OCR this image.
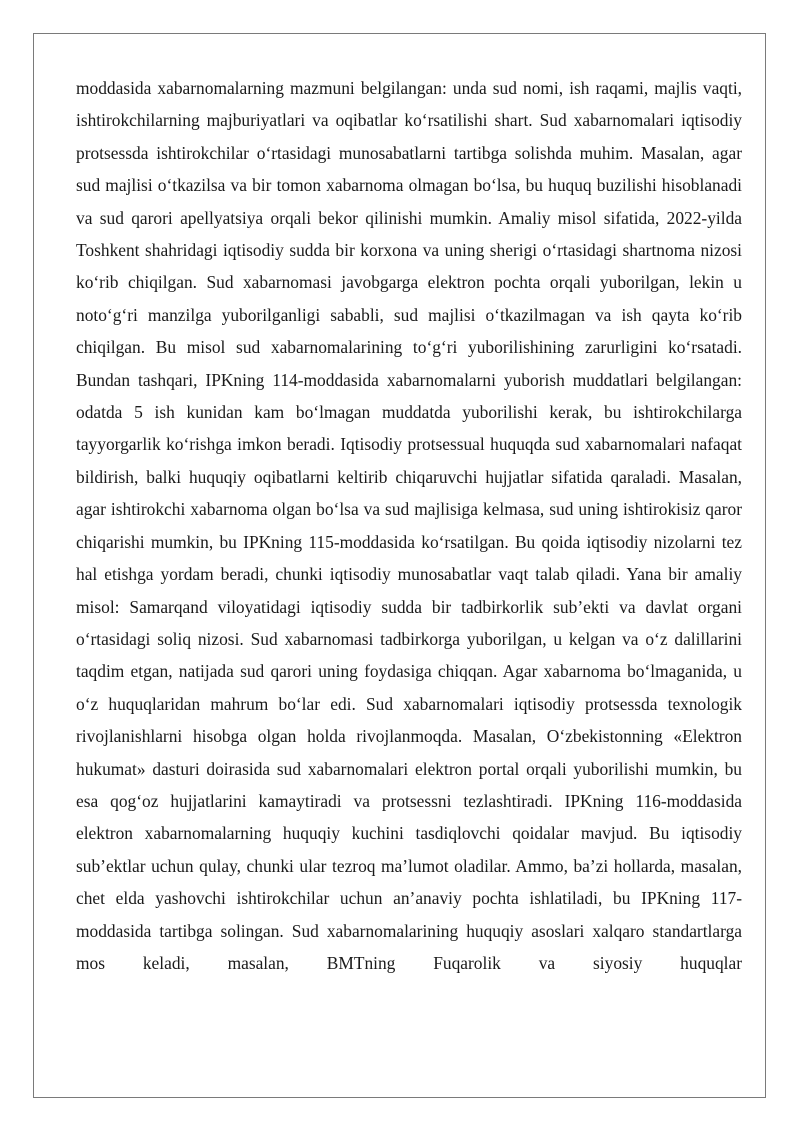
moddasida xabarnomalarning mazmuni belgilangan: unda sud nomi, ish raqami, majlis vaqti, ishtirokchilarning majburiyatlari va oqibatlar ko‘rsatilishi shart. Sud xabarnomalari iqtisodiy protsessda ishtirokchilar o‘rtasidagi munosabatlarni tartibga solishda muhim. Masalan, agar sud majlisi o‘tkazilsa va bir tomon xabarnoma olmagan bo‘lsa, bu huquq buzilishi hisoblanadi va sud qarori apellyatsiya orqali bekor qilinishi mumkin. Amaliy misol sifatida, 2022-yilda Toshkent shahridagi iqtisodiy sudda bir korxona va uning sherigi o‘rtasidagi shartnoma nizosi ko‘rib chiqilgan. Sud xabarnomasi javobgarga elektron pochta orqali yuborilgan, lekin u noto‘g‘ri manzilga yuborilganligi sababli, sud majlisi o‘tkazilmagan va ish qayta ko‘rib chiqilgan. Bu misol sud xabarnomalarining to‘g‘ri yuborilishining zarurligini ko‘rsatadi. Bundan tashqari, IPKning 114-moddasida xabarnomalarni yuborish muddatlari belgilangan: odatda 5 ish kunidan kam bo‘lmagan muddatda yuborilishi kerak, bu ishtirokchilarga tayyorgarlik ko‘rishga imkon beradi. Iqtisodiy protsessual huquqda sud xabarnomalari nafaqat bildirish, balki huquqiy oqibatlarni keltirib chiqaruvchi hujjatlar sifatida qaraladi. Masalan, agar ishtirokchi xabarnoma olgan bo‘lsa va sud majlisiga kelmasa, sud uning ishtirokisiz qaror chiqarishi mumkin, bu IPKning 115-moddasida ko‘rsatilgan. Bu qoida iqtisodiy nizolarni tez hal etishga yordam beradi, chunki iqtisodiy munosabatlar vaqt talab qiladi. Yana bir amaliy misol: Samarqand viloyatidagi iqtisodiy sudda bir tadbirkorlik sub’ekti va davlat organi o‘rtasidagi soliq nizosi. Sud xabarnomasi tadbirkorga yuborilgan, u kelgan va o‘z dalillarini taqdim etgan, natijada sud qarori uning foydasiga chiqqan. Agar xabarnoma bo‘lmaganida, u o‘z huquqlaridan mahrum bo‘lar edi. Sud xabarnomalari iqtisodiy protsessda texnologik rivojlanishlarni hisobga olgan holda rivojlanmoqda. Masalan, O‘zbekistonning «Elektron hukumat» dasturi doirasida sud xabarnomalari elektron portal orqali yuborilishi mumkin, bu esa qog‘oz hujjatlarini kamaytiradi va protsessni tezlashtiradi. IPKning 116-moddasida elektron xabarnomalarning huquqiy kuchini tasdiqlovchi qoidalar mavjud. Bu iqtisodiy sub’ektlar uchun qulay, chunki ular tezroq ma’lumot oladilar. Ammo, ba’zi hollarda, masalan, chet elda yashovchi ishtirokchilar uchun an’anaviy pochta ishlatiladi, bu IPKning 117-moddasida tartibga solingan. Sud xabarnomalarining huquqiy asoslari xalqaro standartlarga mos keladi, masalan, BMTning Fuqarolik va siyosiy huquqlar
